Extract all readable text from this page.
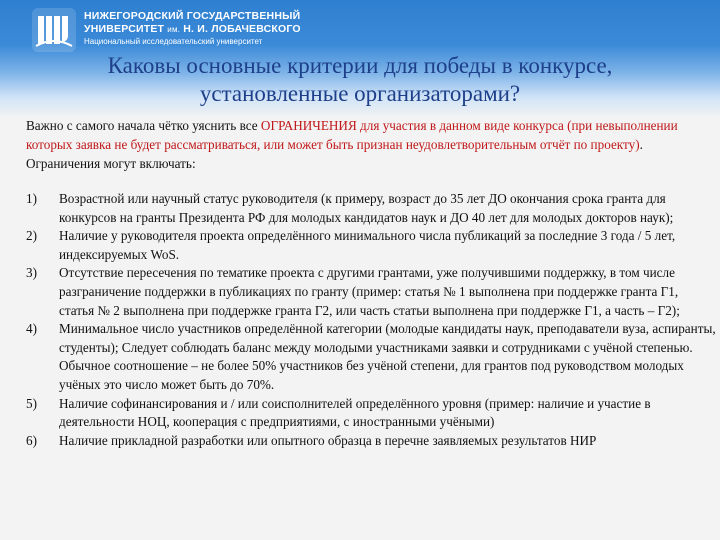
НИЖЕГОРОДСКИЙ ГОСУДАРСТВЕННЫЙ
УНИВЕРСИТЕТ им. Н. И. ЛОБАЧЕВСКОГО
Национальный исследовательский университет
Каковы основные критерии для победы в конкурсе,
установленные организаторами?
Важно с самого начала чётко уяснить все ОГРАНИЧЕНИЯ для участия в данном виде конкурса (при невыполнении которых заявка не будет рассматриваться, или может быть признан неудовлетворительным отчёт по проекту). Ограничения могут включать:
1) Возрастной или научный статус руководителя (к примеру, возраст до 35 лет ДО окончания срока гранта для конкурсов на гранты Президента РФ для молодых кандидатов наук и ДО 40 лет для молодых докторов наук);
2) Наличие у руководителя проекта определённого минимального числа публикаций за последние 3 года / 5 лет, индексируемых WoS.
3) Отсутствие пересечения по тематике проекта с другими грантами, уже получившими поддержку, в том числе разграничение поддержки в публикациях по гранту (пример: статья № 1 выполнена при поддержке гранта Г1, статья № 2 выполнена при поддержке гранта Г2, или часть статьи выполнена при поддержке Г1, а часть – Г2);
4) Минимальное число участников определённой категории (молодые кандидаты наук, преподаватели вуза, аспиранты, студенты); Следует соблюдать баланс между молодыми участниками заявки и сотрудниками с учёной степенью. Обычное соотношение – не более 50% участников без учёной степени, для грантов под руководством молодых учёных это число может быть до 70%.
5) Наличие софинансирования и / или соисполнителей определённого уровня (пример: наличие и участие в деятельности НОЦ, кооперация с предприятиями, с иностранными учёными)
6) Наличие прикладной разработки или опытного образца в перечне заявляемых результатов НИР
